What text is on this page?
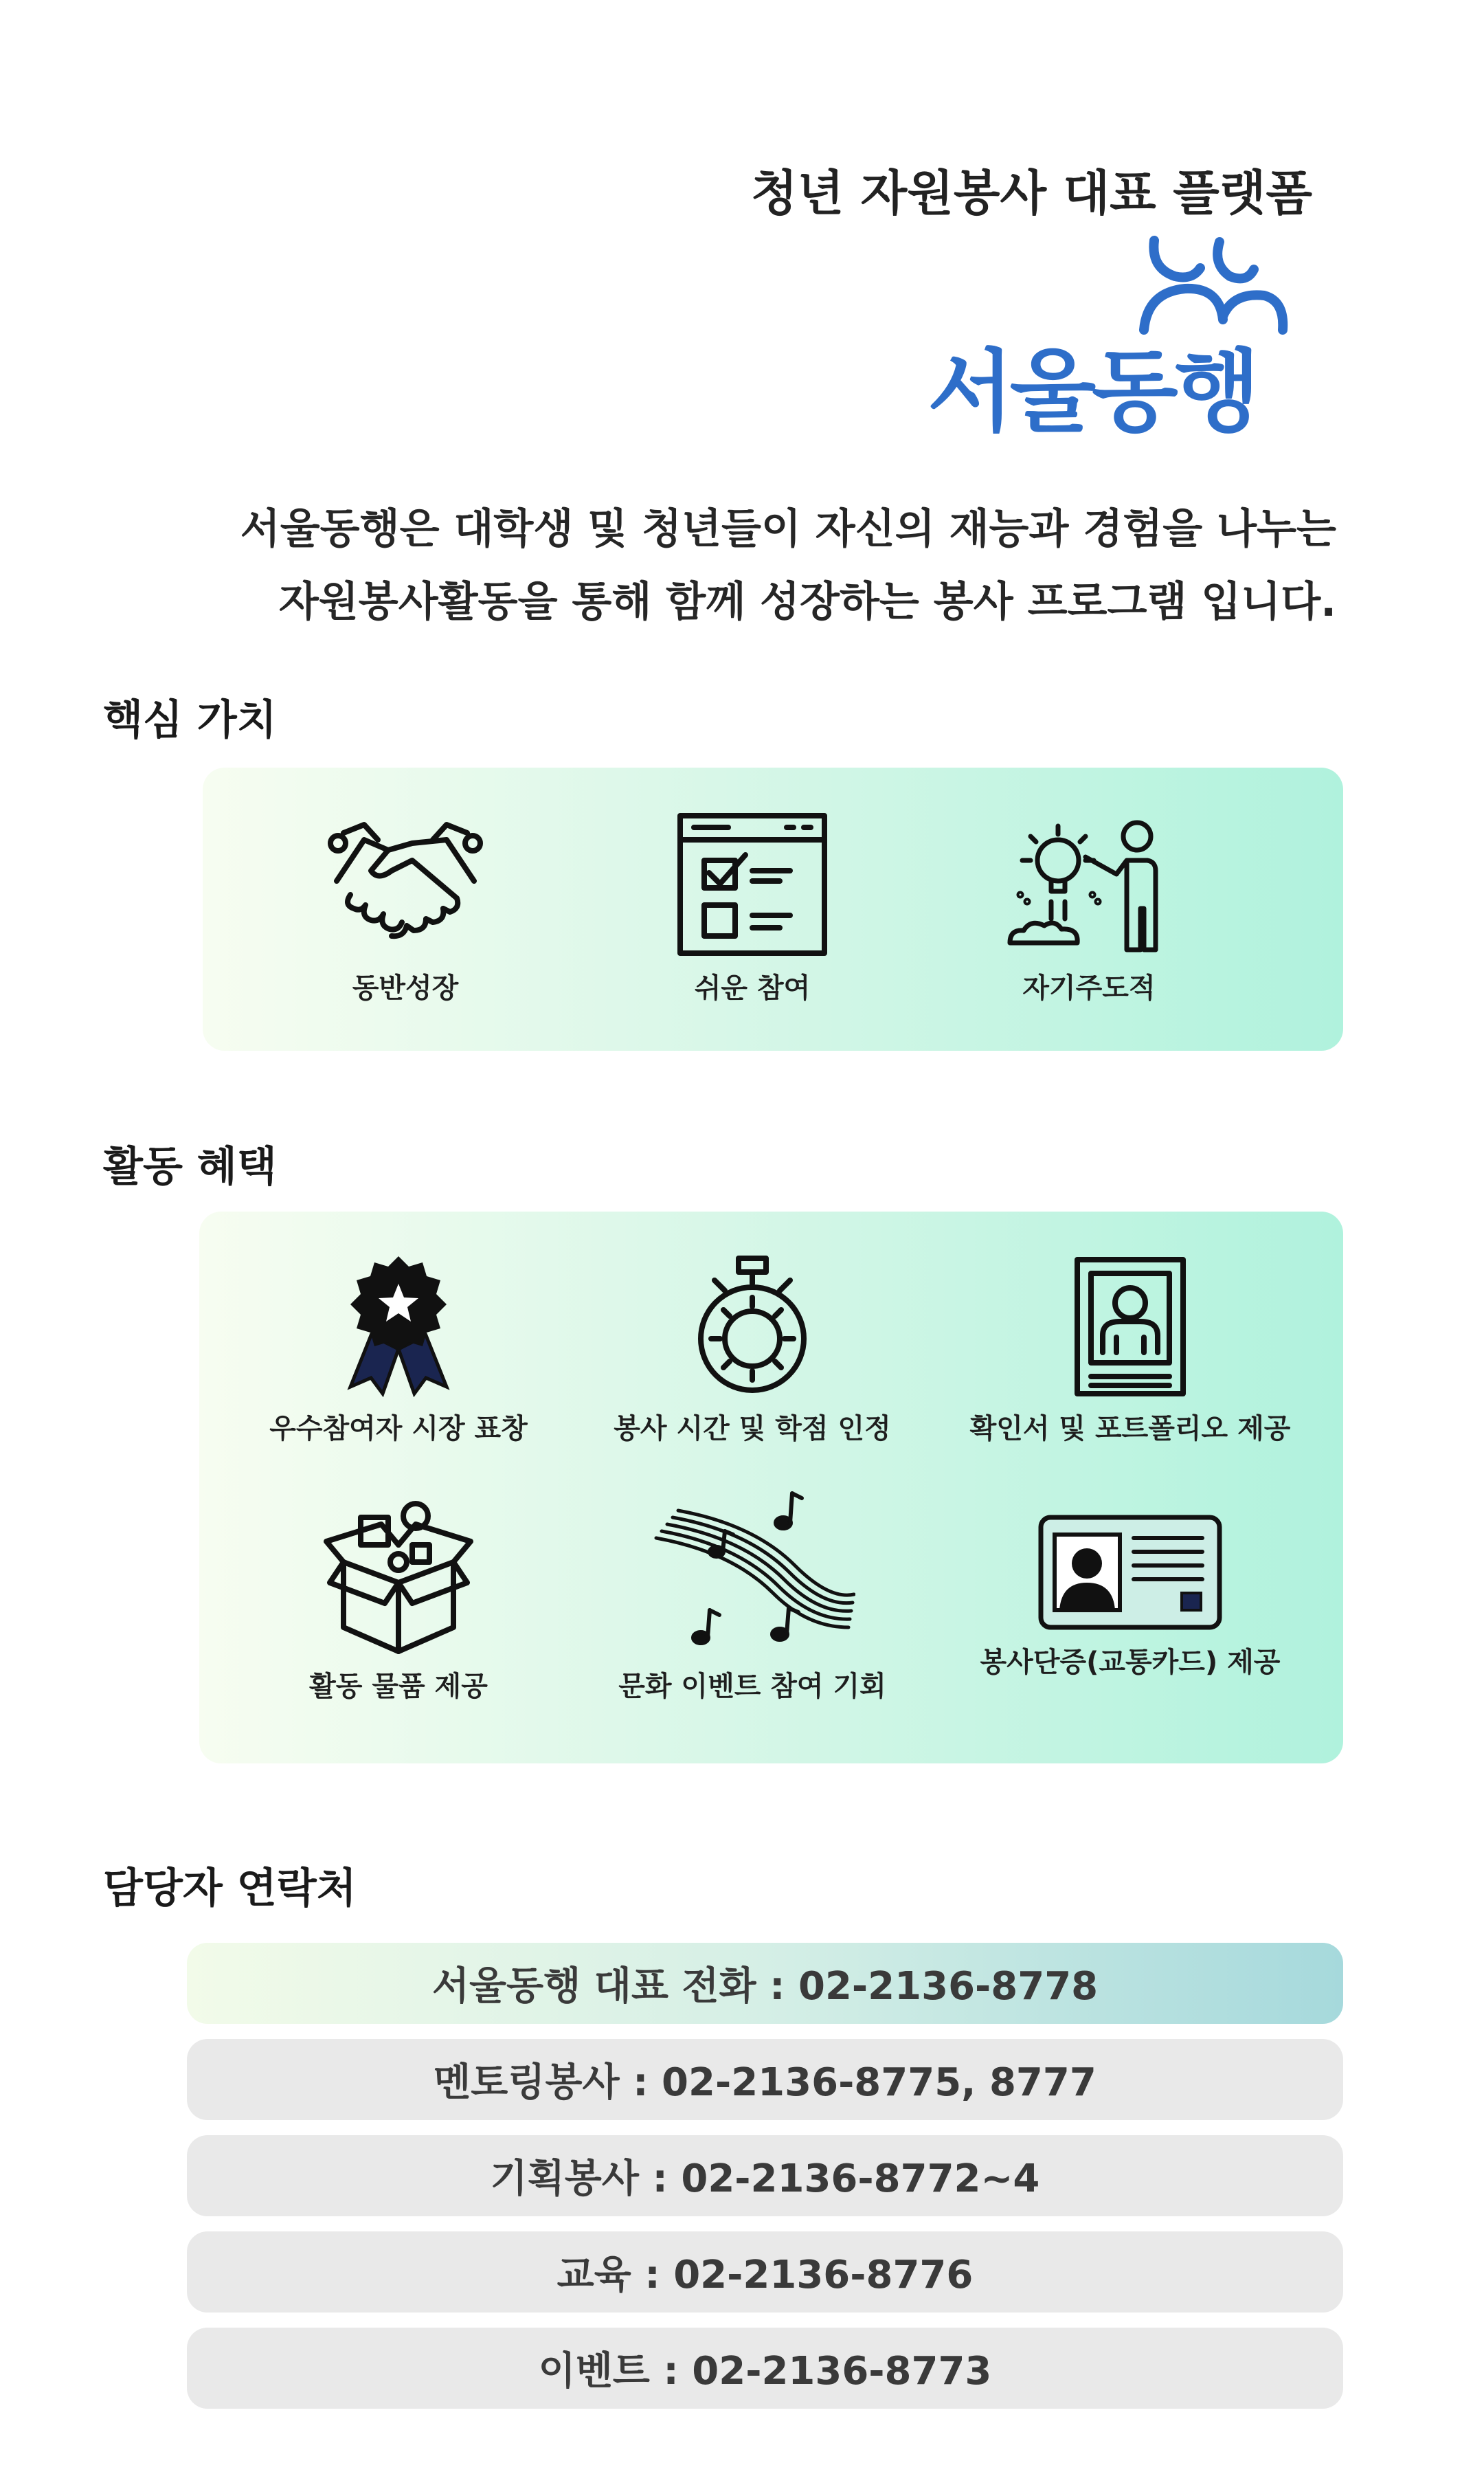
청년 자원봉사 대표 플랫폼
서울동행
서울동행은 대학생 및 청년들이 자신의 재능과 경험을 나누는
자원봉사활동을 통해 함께 성장하는 봉사 프로그램 입니다.
핵심 가치
동반성장	쉬운 참여	자기주도적
활동 혜택
우수참여자 시장 표창	봉사 시간 및 학점 인정	확인서 및 포트폴리오 제공
활동 물품 제공	문화 이벤트 참여 기회
봉사단증(교통카드) 제공
담당자 연락처
서울동행 대표 전화 : 02-2136-8778
멘토링봉사 : 02-2136-8775, 8777
기획봉사 : 02-2136-8772~4
교육 : 02-2136-8776
이벤트 : 02-2136-8773
